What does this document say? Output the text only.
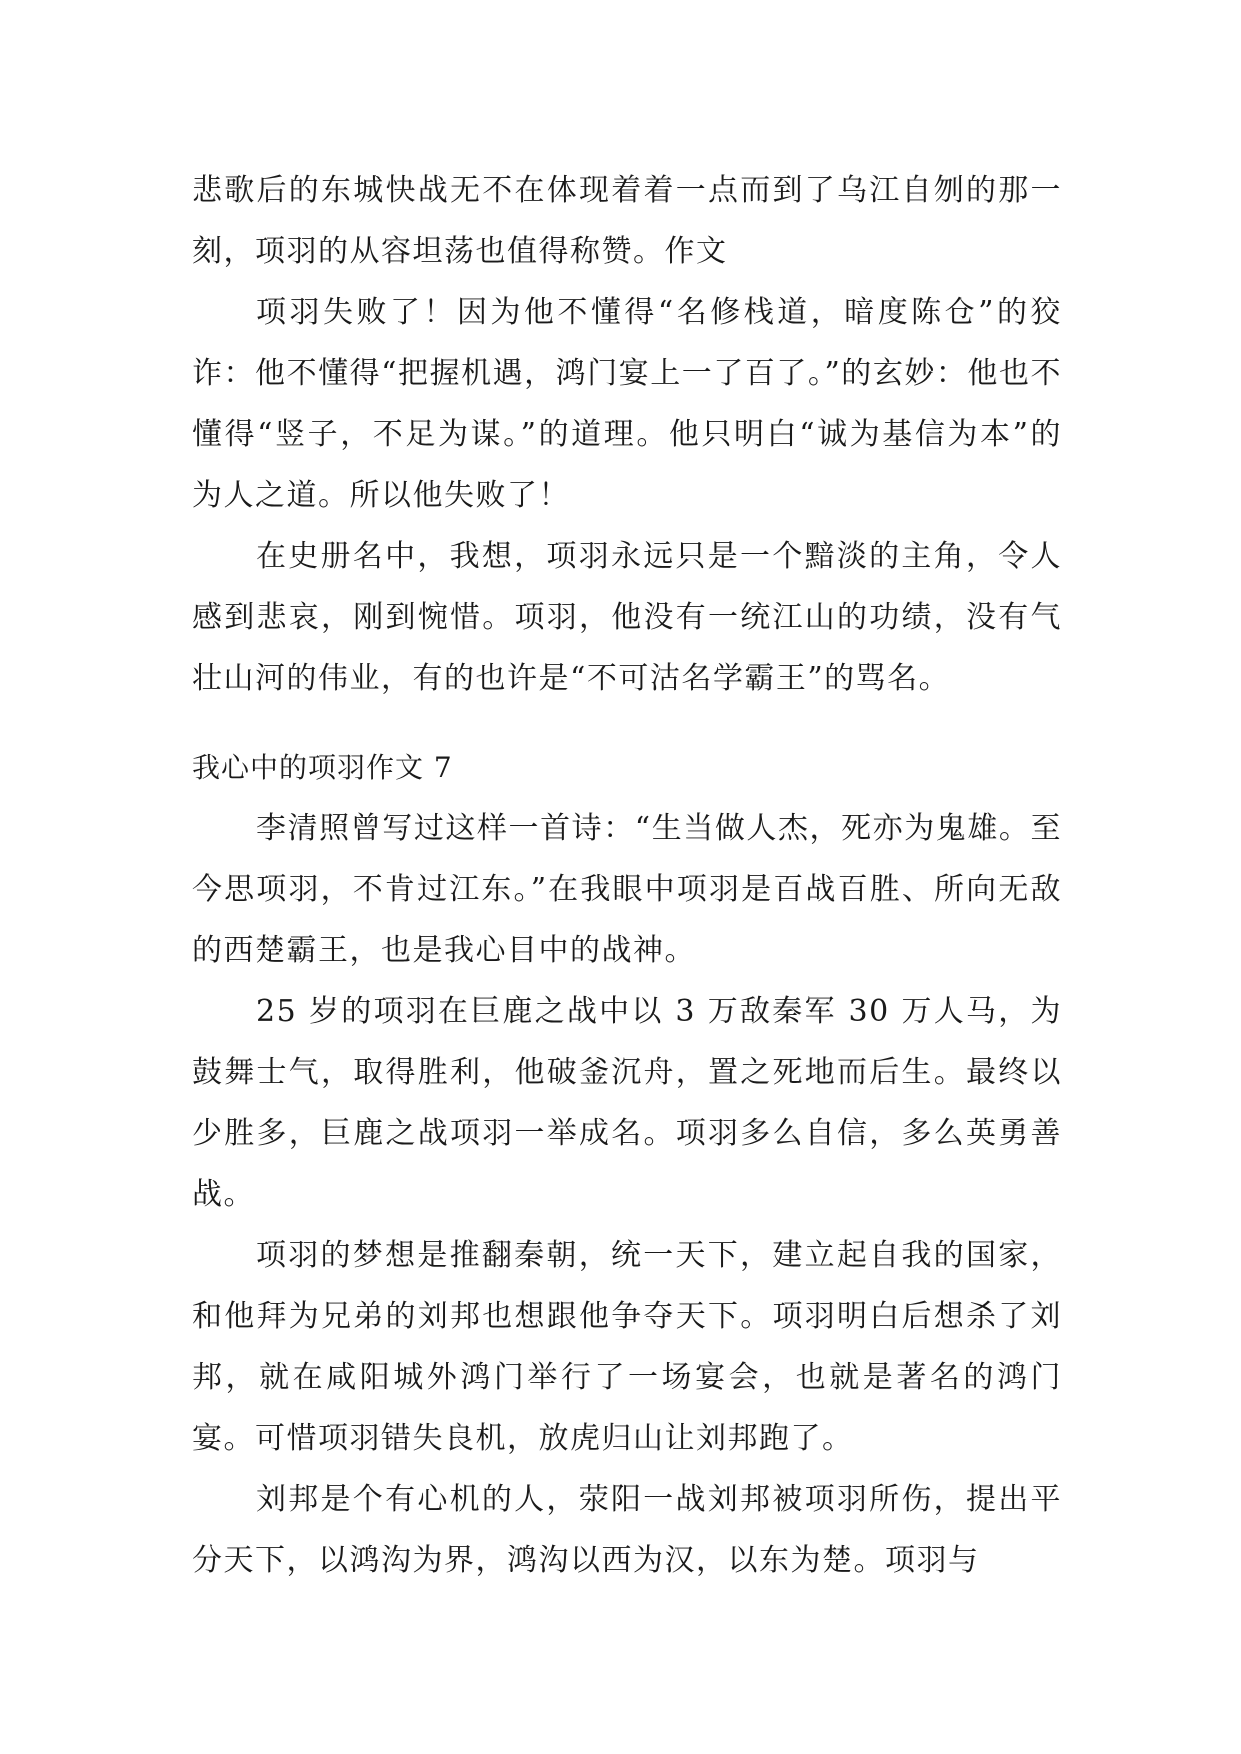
悲歌后的东城快战无不在体现着着一点而到了乌江自刎的那一刻，项羽的从容坦荡也值得称赞。作文

项羽失败了！因为他不懂得“名修栈道，暗度陈仓”的狡诈：他不懂得“把握机遇，鸿门宴上一了百了。”的玄妙：他也不懂得“竖子，不足为谋。”的道理。他只明白“诚为基信为本”的为人之道。所以他失败了！

在史册名中，我想，项羽永远只是一个黯淡的主角，令人感到悲哀，刚到惋惜。项羽，他没有一统江山的功绩，没有气壮山河的伟业，有的也许是“不可沽名学霸王”的骂名。

我心中的项羽作文 7

李清照曾写过这样一首诗：“生当做人杰，死亦为鬼雄。至今思项羽，不肯过江东。”在我眼中项羽是百战百胜、所向无敌的西楚霸王，也是我心目中的战神。

25 岁的项羽在巨鹿之战中以 3 万敌秦军 30 万人马，为鼓舞士气，取得胜利，他破釜沉舟，置之死地而后生。最终以少胜多，巨鹿之战项羽一举成名。项羽多么自信，多么英勇善战。

项羽的梦想是推翻秦朝，统一天下，建立起自我的国家，和他拜为兄弟的刘邦也想跟他争夺天下。项羽明白后想杀了刘邦，就在咸阳城外鸿门举行了一场宴会，也就是著名的鸿门宴。可惜项羽错失良机，放虎归山让刘邦跑了。

刘邦是个有心机的人，荥阳一战刘邦被项羽所伤，提出平分天下，以鸿沟为界，鸿沟以西为汉，以东为楚。项羽与
